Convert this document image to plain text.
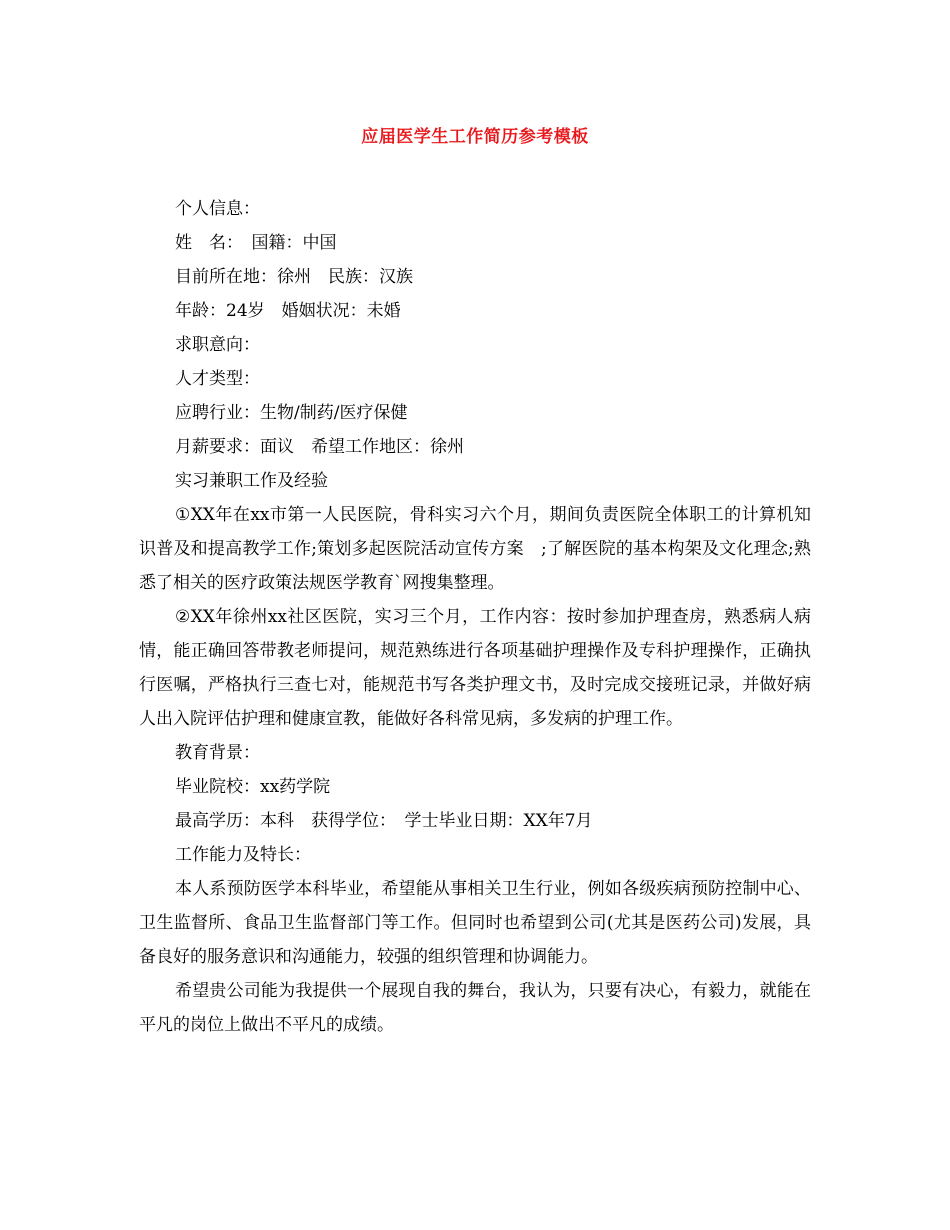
应届医学生工作简历参考模板
个人信息：
姓　名：　国籍：中国
目前所在地：徐州　民族：汉族
年龄：24岁　婚姻状况：未婚
求职意向：
人才类型：
应聘行业：生物/制药/医疗保健
月薪要求：面议　希望工作地区：徐州
实习兼职工作及经验
①XX年在xx市第一人民医院，骨科实习六个月，期间负责医院全体职工的计算机知识普及和提高教学工作;策划多起医院活动宣传方案　;了解医院的基本构架及文化理念;熟悉了相关的医疗政策法规医学教育`网搜集整理。
②XX年徐州xx社区医院，实习三个月，工作内容：按时参加护理查房，熟悉病人病情，能正确回答带教老师提问，规范熟练进行各项基础护理操作及专科护理操作，正确执行医嘱，严格执行三查七对，能规范书写各类护理文书，及时完成交接班记录，并做好病人出入院评估护理和健康宣教，能做好各科常见病，多发病的护理工作。
教育背景：
毕业院校：xx药学院
最高学历：本科　获得学位：　学士毕业日期：XX年7月
工作能力及特长：
本人系预防医学本科毕业，希望能从事相关卫生行业，例如各级疾病预防控制中心、卫生监督所、食品卫生监督部门等工作。但同时也希望到公司(尤其是医药公司)发展，具备良好的服务意识和沟通能力，较强的组织管理和协调能力。
希望贵公司能为我提供一个展现自我的舞台，我认为，只要有决心，有毅力，就能在平凡的岗位上做出不平凡的成绩。
